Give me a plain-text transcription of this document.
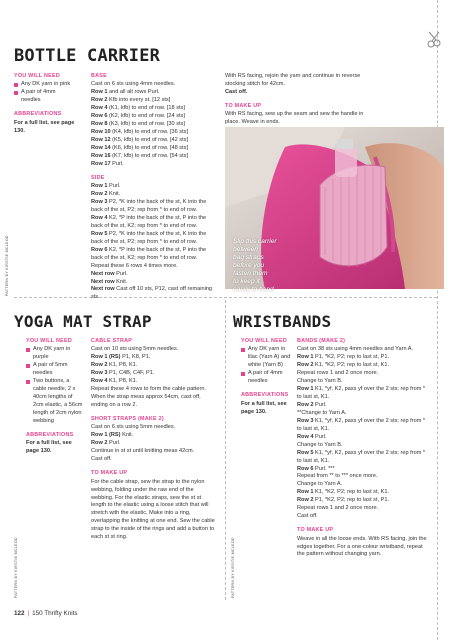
BOTTLE CARRIER
YOU WILL NEED
Any DK yarn in pink
A pair of 4mm needles
ABBREVIATIONS
For a full list, see page 130.
BASE

Cast on 6 sts using 4mm needles.

Row 1 and all alt rows Purl.

Row 2 Kfb into every st. [12 sts]

Row 4 (K1, kfb) to end of row. [18 sts]

Row 6 (K2, kfb) to end of row. [24 sts]

Row 8 (K3, kfb) to end of row. [30 sts]

Row 10 (K4, kfb) to end of row. [36 sts]

Row 12 (K5, kfb) to end of row. [42 sts]

Row 14 (K6, kfb) to end of row. [48 sts]

Row 16 (K7, kfb) to end of row. [54 sts]

Row 17 Purl.

SIDE

Row 1 Purl.

Row 2 Knit.

Row 3 P2, *K into the back of the st, K into the back of the st, P2; rep from * to end of row.

Row 4 K2, *P into the back of the st, P into the back of the st, K2; rep from * to end of row.

Row 5 P2, *K into the back of the st, K into the back of the st, P2; rep from * to end of row.

Row 6 K2, *P into the back of the st, P into the back of the st, K2; rep from * to end of row.

Repeat these 6 rows 4 times more.

Next row Purl.

Next row Knit.

Next row Cast off 10 sts, P12, cast off remaining sts.

With RS facing, rejoin the yarn and continue in reverse stocking stitch for 42cm.

Cast off.

TO MAKE UP

With RS facing, sew up the seam and sew the handle in place. Weave in ends.

Slip this carrier
between
bag straps
before you
fasten them
to keep it
easily to hand.
PATTERN BY KIRSTIE MCLEOD
YOGA MAT STRAP
YOU WILL NEED
Any DK yarn in purple
A pair of 5mm needles
Two buttons, a cable needle, 2 x 40cm lengths of 2cm elastic, a 56cm length of 2cm nylon webbing
ABBREVIATIONS
For a full list, see page 130.
CABLE STRAP

Cast on 10 sts using 5mm needles.

Row 1 (RS) P1, K8, P1.

Row 2 K1, P8, K1.

Row 3 P1, C4B, C4F, P1.

Row 4 K1, P8, K1.

Repeat these 4 rows to form the cable pattern. When the strap meas approx 54cm, cast off, ending on a row 2.

SHORT STRAPS (MAKE 2)

Cast on 6 sts using 5mm needles.

Row 1 (RS) Knit.

Row 2 Purl.

Continue in st st until knitting meas 42cm.

Cast off.

TO MAKE UP

For the cable strap, sew the strap to the nylon webbing, folding under the raw end of the webbing. For the elastic straps, sew the st st length to the elastic using a loose stitch that will stretch with the elastic. Make into a ring, overlapping the knitting at one end. Sew the cable strap to the inside of the rings and add a button to each st st ring.

PATTERN BY KIRSTIE MCLEOD
WRISTBANDS
YOU WILL NEED
Any DK yarn in lilac (Yarn A) and white (Yarn B)
A pair of 4mm needles
ABBREVIATIONS
For a full list, see page 130.
BANDS (MAKE 2)

Cast on 38 sts using 4mm needles and Yarn A.

Row 1 P1, *K2, P2; rep to last st, P1.

Row 2 K1, *K2, P2; rep to last st, K1.

Repeat rows 1 and 2 once more.

Change to Yarn B.

Row 1 K1, *yf, K2, pass yf over the 2 sts; rep from * to last st, K1.

Row 2 Purl.

**Change to Yarn A.

Row 3 K1, *yf, K2, pass yf over the 2 sts; rep from * to last st, K1.

Row 4 Purl.

Change to Yarn B.

Row 5 K1, *yf, K2, pass yf over the 2 sts; rep from * to last st, K1.

Row 6 Purl. ***

Repeat from ** to *** once more.

Change to Yarn A.

Row 1 K1, *K2, P2; rep to last st, K1.

Row 2 P1, *K2, P2; rep to last st, P1.

Repeat rows 1 and 2 once more.

Cast off.

TO MAKE UP

Weave in all the loose ends. With RS facing, join the edges together. For a one-colour wristband, repeat the pattern without changing yarn.

PATTERN BY KIRSTIE MCLEOD
122 | 150 Thrifty Knits
